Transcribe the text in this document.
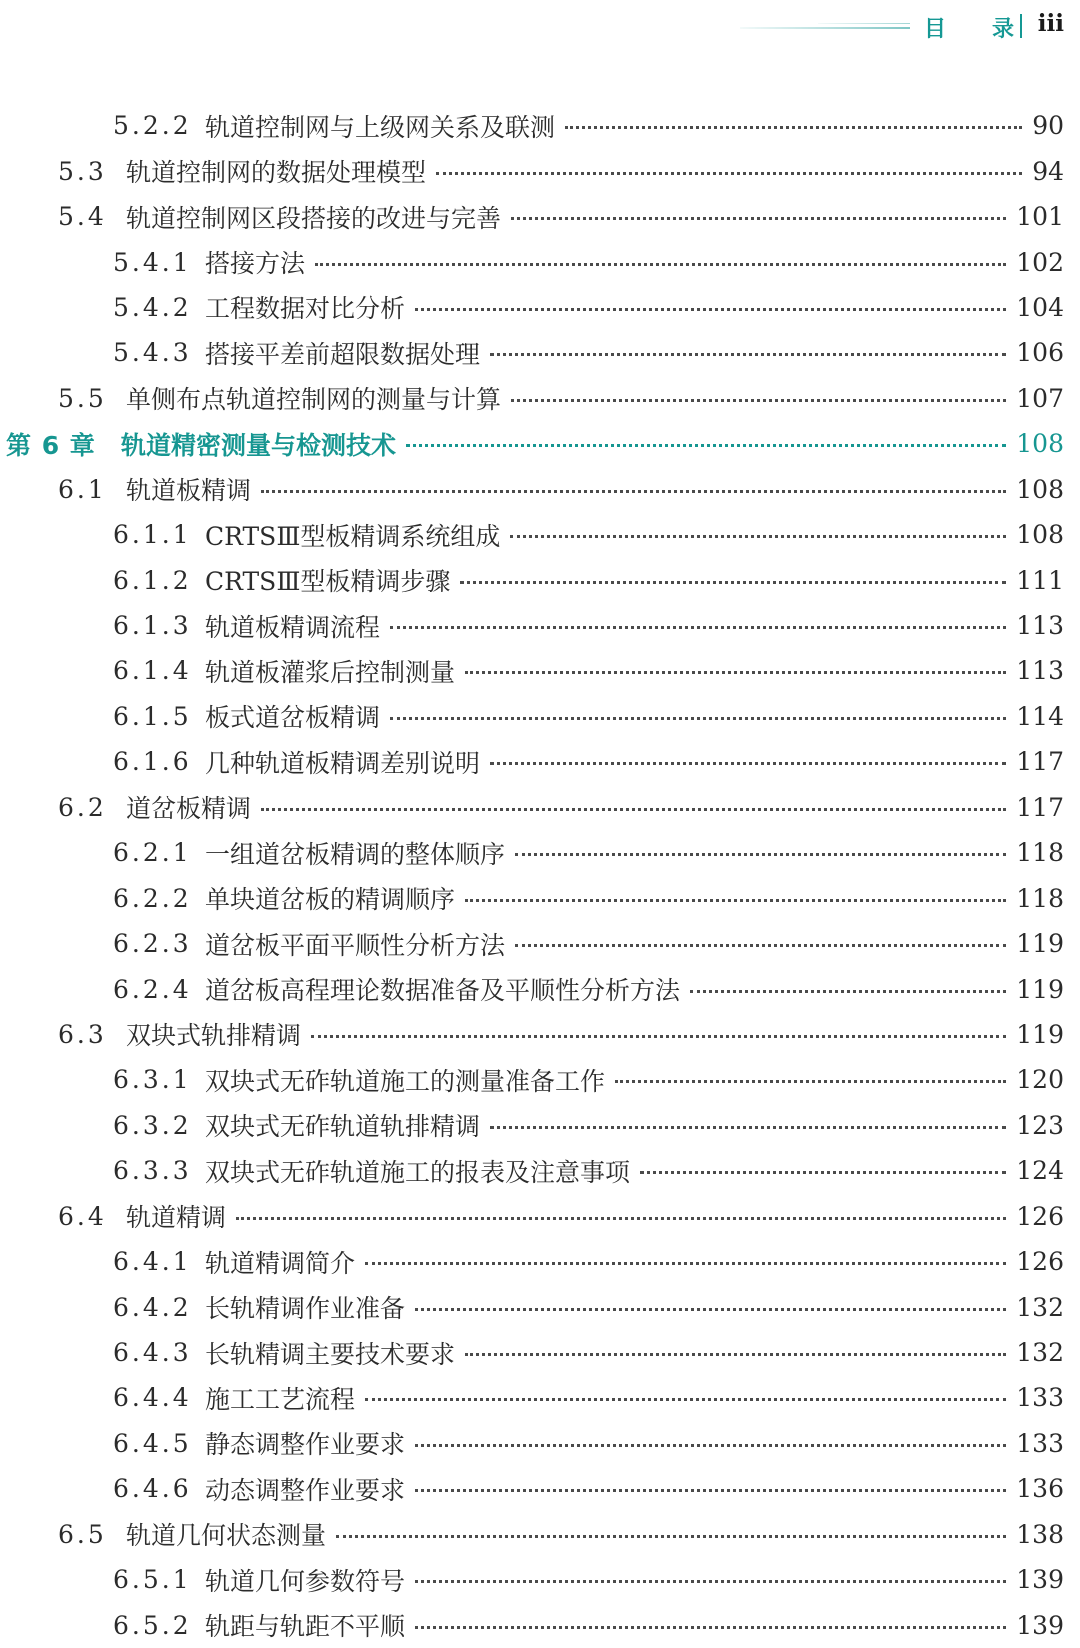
目 录 iii
5.2.2 轨道控制网与上级网关系及联测	90
5.3 轨道控制网的数据处理模型	94
5.4 轨道控制网区段搭接的改进与完善	101
5.4.1 搭接方法	102
5.4.2 工程数据对比分析	104
5.4.3 搭接平差前超限数据处理	106
5.5 单侧布点轨道控制网的测量与计算	107
第 6 章	轨道精密测量与检测技术	108
6.1 轨道板精调	108
6.1.1 CRTSⅢ型板精调系统组成	108
6.1.2 CRTSⅢ型板精调步骤	111
6.1.3 轨道板精调流程	113
6.1.4 轨道板灌浆后控制测量	113
6.1.5 板式道岔板精调	114
6.1.6 几种轨道板精调差别说明	117
6.2 道岔板精调	117
6.2.1 一组道岔板精调的整体顺序	118
6.2.2 单块道岔板的精调顺序	118
6.2.3 道岔板平面平顺性分析方法	119
6.2.4 道岔板高程理论数据准备及平顺性分析方法	119
6.3 双块式轨排精调	119
6.3.1 双块式无砟轨道施工的测量准备工作	120
6.3.2 双块式无砟轨道轨排精调	123
6.3.3 双块式无砟轨道施工的报表及注意事项	124
6.4 轨道精调	126
6.4.1 轨道精调简介	126
6.4.2 长轨精调作业准备	132
6.4.3 长轨精调主要技术要求	132
6.4.4 施工工艺流程	133
6.4.5 静态调整作业要求	133
6.4.6 动态调整作业要求	136
6.5 轨道几何状态测量	138
6.5.1 轨道几何参数符号	139
6.5.2 轨距与轨距不平顺	139
